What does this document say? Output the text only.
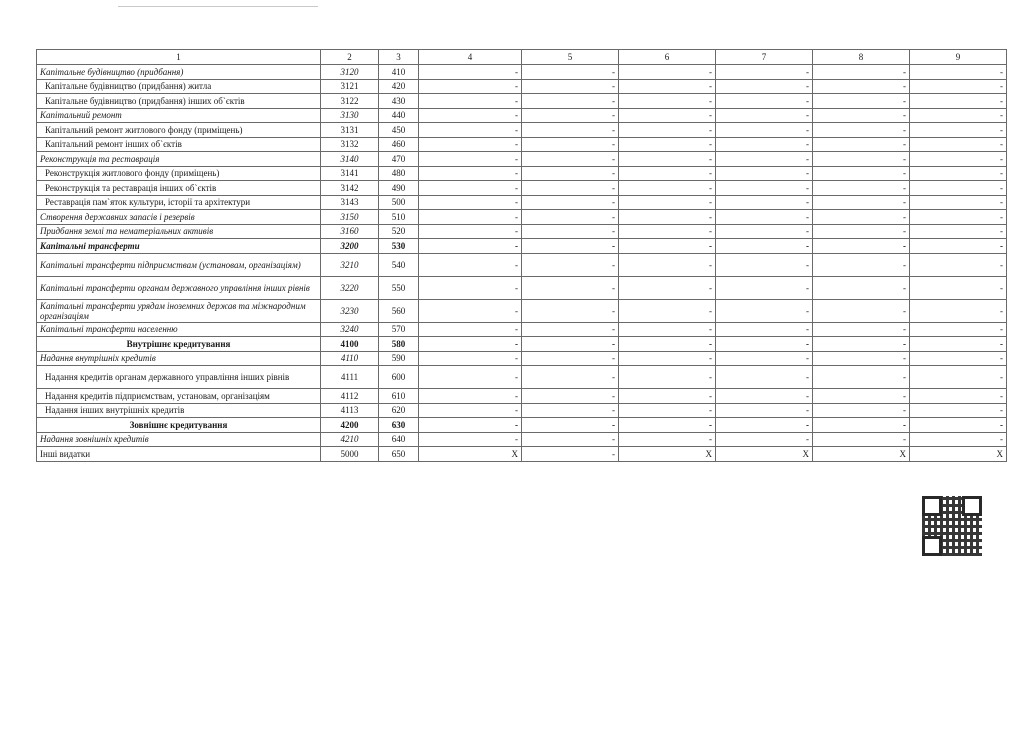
1	2	3	4	5	6	7	8	9
Капітальне будівництво (придбання)	3120	410	-	-	-	-	-	-
Капітальне будівництво (придбання) житла	3121	420	-	-	-	-	-	-
Капітальне будівництво (придбання) інших об`єктів	3122	430	-	-	-	-	-	-
Капітальний ремонт	3130	440	-	-	-	-	-	-
Капітальний ремонт житлового фонду (приміщень)	3131	450	-	-	-	-	-	-
Капітальний ремонт інших об`єктів	3132	460	-	-	-	-	-	-
Реконструкція та реставрація	3140	470	-	-	-	-	-	-
Реконструкція житлового фонду (приміщень)	3141	480	-	-	-	-	-	-
Реконструкція та реставрація інших об`єктів	3142	490	-	-	-	-	-	-
Реставрація пам`яток культури, історії та архітектури	3143	500	-	-	-	-	-	-
Створення державних запасів і резервів	3150	510	-	-	-	-	-	-
Придбання землі та нематеріальних активів	3160	520	-	-	-	-	-	-
Капітальні трансферти	3200	530	-	-	-	-	-	-
Капітальні трансферти підприємствам (установам, організаціям)	3210	540	-	-	-	-	-	-
Капітальні трансферти органам державного управління інших рівнів	3220	550	-	-	-	-	-	-
Капітальні трансферти урядам іноземних держав та міжнародним організаціям	3230	560	-	-	-	-	-	-
Капітальні трансферти населенню	3240	570	-	-	-	-	-	-
Внутрішнє кредитування	4100	580	-	-	-	-	-	-
Надання внутрішніх кредитів	4110	590	-	-	-	-	-	-
Надання кредитів органам державного управління інших рівнів	4111	600	-	-	-	-	-	-
Надання кредитів підприємствам, установам, організаціям	4112	610	-	-	-	-	-	-
Надання інших внутрішніх кредитів	4113	620	-	-	-	-	-	-
Зовнішнє кредитування	4200	630	-	-	-	-	-	-
Надання зовнішніх кредитів	4210	640	-	-	-	-	-	-
Інші видатки	5000	650	X	-	X	X	X	X
